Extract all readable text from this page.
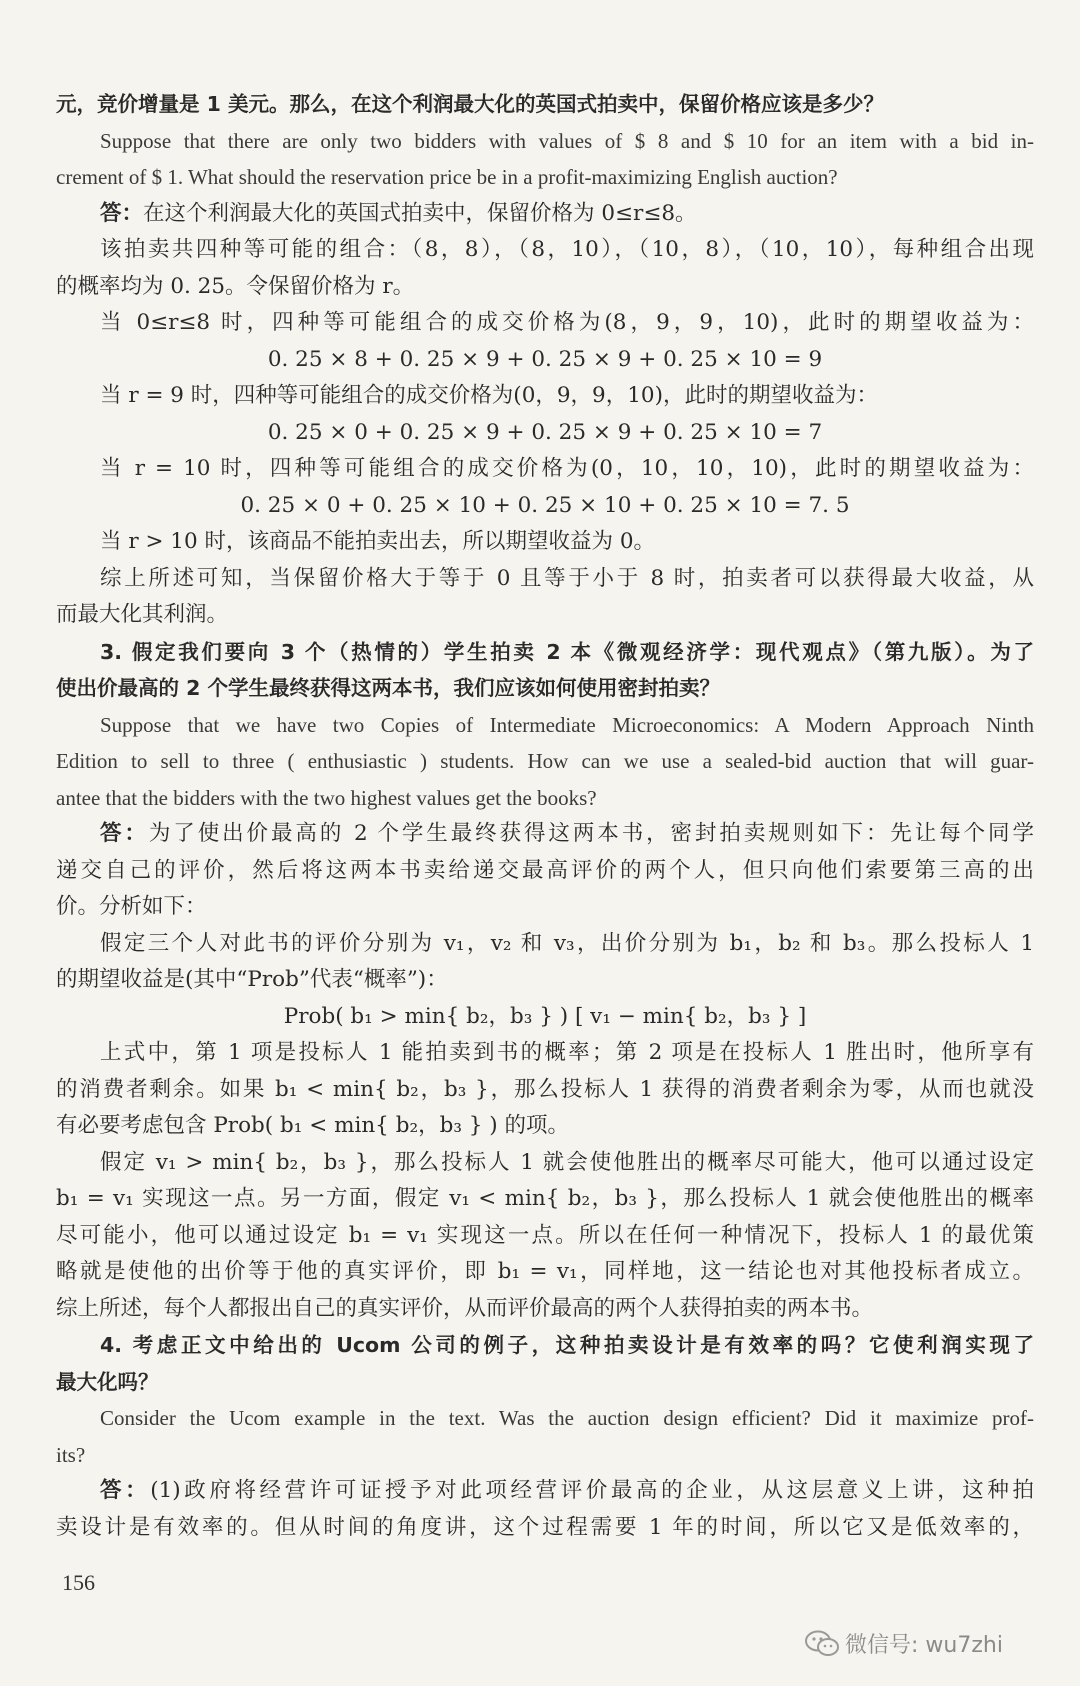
元，竞价增量是 1 美元。那么，在这个利润最大化的英国式拍卖中，保留价格应该是多少？
Suppose that there are only two bidders with values of $ 8 and $ 10 for an item with a bid in-
crement of $ 1. What should the reservation price be in a profit-maximizing English auction?
答：在这个利润最大化的英国式拍卖中，保留价格为 0≤r≤8。
该拍卖共四种等可能的组合：（8，8），（8，10），（10，8），（10，10），每种组合出现
的概率均为 0. 25。令保留价格为 r。
当 0≤r≤8 时，四种等可能组合的成交价格为(8，9，9，10)，此时的期望收益为：
0. 25 × 8 + 0. 25 × 9 + 0. 25 × 9 + 0. 25 × 10 = 9
当 r = 9 时，四种等可能组合的成交价格为(0，9，9，10)，此时的期望收益为：
0. 25 × 0 + 0. 25 × 9 + 0. 25 × 9 + 0. 25 × 10 = 7
当 r = 10 时，四种等可能组合的成交价格为(0，10，10，10)，此时的期望收益为：
0. 25 × 0 + 0. 25 × 10 + 0. 25 × 10 + 0. 25 × 10 = 7. 5
当 r > 10 时，该商品不能拍卖出去，所以期望收益为 0。
综上所述可知，当保留价格大于等于 0 且等于小于 8 时，拍卖者可以获得最大收益，从
而最大化其利润。
3. 假定我们要向 3 个（热情的）学生拍卖 2 本《微观经济学：现代观点》（第九版）。为了
使出价最高的 2 个学生最终获得这两本书，我们应该如何使用密封拍卖？
Suppose that we have two Copies of Intermediate Microeconomics: A Modern Approach Ninth
Edition to sell to three ( enthusiastic ) students. How can we use a sealed-bid auction that will guar-
antee that the bidders with the two highest values get the books?
答：为了使出价最高的 2 个学生最终获得这两本书，密封拍卖规则如下：先让每个同学
递交自己的评价，然后将这两本书卖给递交最高评价的两个人，但只向他们索要第三高的出
价。分析如下：
假定三个人对此书的评价分别为 v₁，v₂ 和 v₃，出价分别为 b₁，b₂ 和 b₃。那么投标人 1
的期望收益是(其中“Prob”代表“概率”)：
Prob( b₁ > min{ b₂，b₃ } ) [ v₁ − min{ b₂，b₃ } ]
上式中，第 1 项是投标人 1 能拍卖到书的概率；第 2 项是在投标人 1 胜出时，他所享有
的消费者剩余。如果 b₁ < min{ b₂，b₃ }，那么投标人 1 获得的消费者剩余为零，从而也就没
有必要考虑包含 Prob( b₁ < min{ b₂，b₃ } ) 的项。
假定 v₁ > min{ b₂，b₃ }，那么投标人 1 就会使他胜出的概率尽可能大，他可以通过设定
b₁ = v₁ 实现这一点。另一方面，假定 v₁ < min{ b₂，b₃ }，那么投标人 1 就会使他胜出的概率
尽可能小，他可以通过设定 b₁ = v₁ 实现这一点。所以在任何一种情况下，投标人 1 的最优策
略就是使他的出价等于他的真实评价，即 b₁ = v₁，同样地，这一结论也对其他投标者成立。
综上所述，每个人都报出自己的真实评价，从而评价最高的两个人获得拍卖的两本书。
4. 考虑正文中给出的 Ucom 公司的例子，这种拍卖设计是有效率的吗？它使利润实现了
最大化吗？
Consider the Ucom example in the text. Was the auction design efficient? Did it maximize prof-
its?
答：(1)政府将经营许可证授予对此项经营评价最高的企业，从这层意义上讲，这种拍
卖设计是有效率的。但从时间的角度讲，这个过程需要 1 年的时间，所以它又是低效率的，
156
微信号: wu7zhi
